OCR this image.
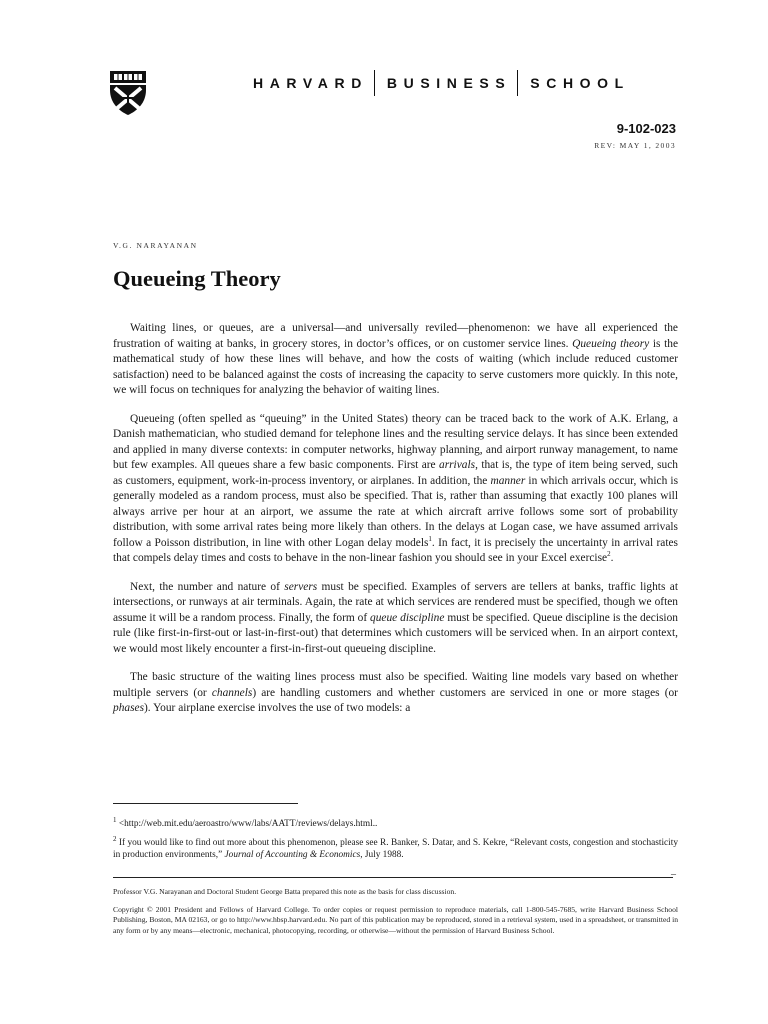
HARVARD BUSINESS SCHOOL
9-102-023
REV: MAY 1, 2003
V.G. NARAYANAN
Queueing Theory

Waiting lines, or queues, are a universal—and universally reviled—phenomenon: we have all experienced the frustration of waiting at banks, in grocery stores, in doctor’s offices, or on customer service lines. Queueing theory is the mathematical study of how these lines will behave, and how the costs of waiting (which include reduced customer satisfaction) need to be balanced against the costs of increasing the capacity to serve customers more quickly. In this note, we will focus on techniques for analyzing the behavior of waiting lines.

Queueing (often spelled as “queuing” in the United States) theory can be traced back to the work of A.K. Erlang, a Danish mathematician, who studied demand for telephone lines and the resulting service delays. It has since been extended and applied in many diverse contexts: in computer networks, highway planning, and airport runway management, to name but few examples. All queues share a few basic components. First are arrivals, that is, the type of item being served, such as customers, equipment, work-in-process inventory, or airplanes. In addition, the manner in which arrivals occur, which is generally modeled as a random process, must also be specified. That is, rather than assuming that exactly 100 planes will always arrive per hour at an airport, we assume the rate at which aircraft arrive follows some sort of probability distribution, with some arrival rates being more likely than others. In the delays at Logan case, we have assumed arrivals follow a Poisson distribution, in line with other Logan delay models$^1$. In fact, it is precisely the uncertainty in arrival rates that compels delay times and costs to behave in the non-linear fashion you should see in your Excel exercise$^2$.

Next, the number and nature of servers must be specified. Examples of servers are tellers at banks, traffic lights at intersections, or runways at air terminals. Again, the rate at which services are rendered must be specified, though we often assume it will be a random process. Finally, the form of queue discipline must be specified. Queue discipline is the decision rule (like first-in-first-out or last-in-first-out) that determines which customers will be serviced when. In an airport context, we would most likely encounter a first-in-first-out queueing discipline.

The basic structure of the waiting lines process must also be specified. Waiting line models vary based on whether multiple servers (or channels) are handling customers and whether customers are serviced in one or more stages (or phases). Your airplane exercise involves the use of two models: a

$^1$ <http://web.mit.edu/aeroastro/www/labs/AATT/reviews/delays.html..
$^2$ If you would like to find out more about this phenomenon, please see R. Banker, S. Datar, and S. Kekre, “Relevant costs, congestion and stochasticity in production environments,” Journal of Accounting & Economics, July 1988.
–

Professor V.G. Narayanan and Doctoral Student George Batta prepared this note as the basis for class discussion.

Copyright © 2001 President and Fellows of Harvard College. To order copies or request permission to reproduce materials, call 1-800-545-7685, write Harvard Business School Publishing, Boston, MA 02163, or go to http://www.hbsp.harvard.edu. No part of this publication may be reproduced, stored in a retrieval system, used in a spreadsheet, or transmitted in any form or by any means—electronic, mechanical, photocopying, recording, or otherwise—without the permission of Harvard Business School.
